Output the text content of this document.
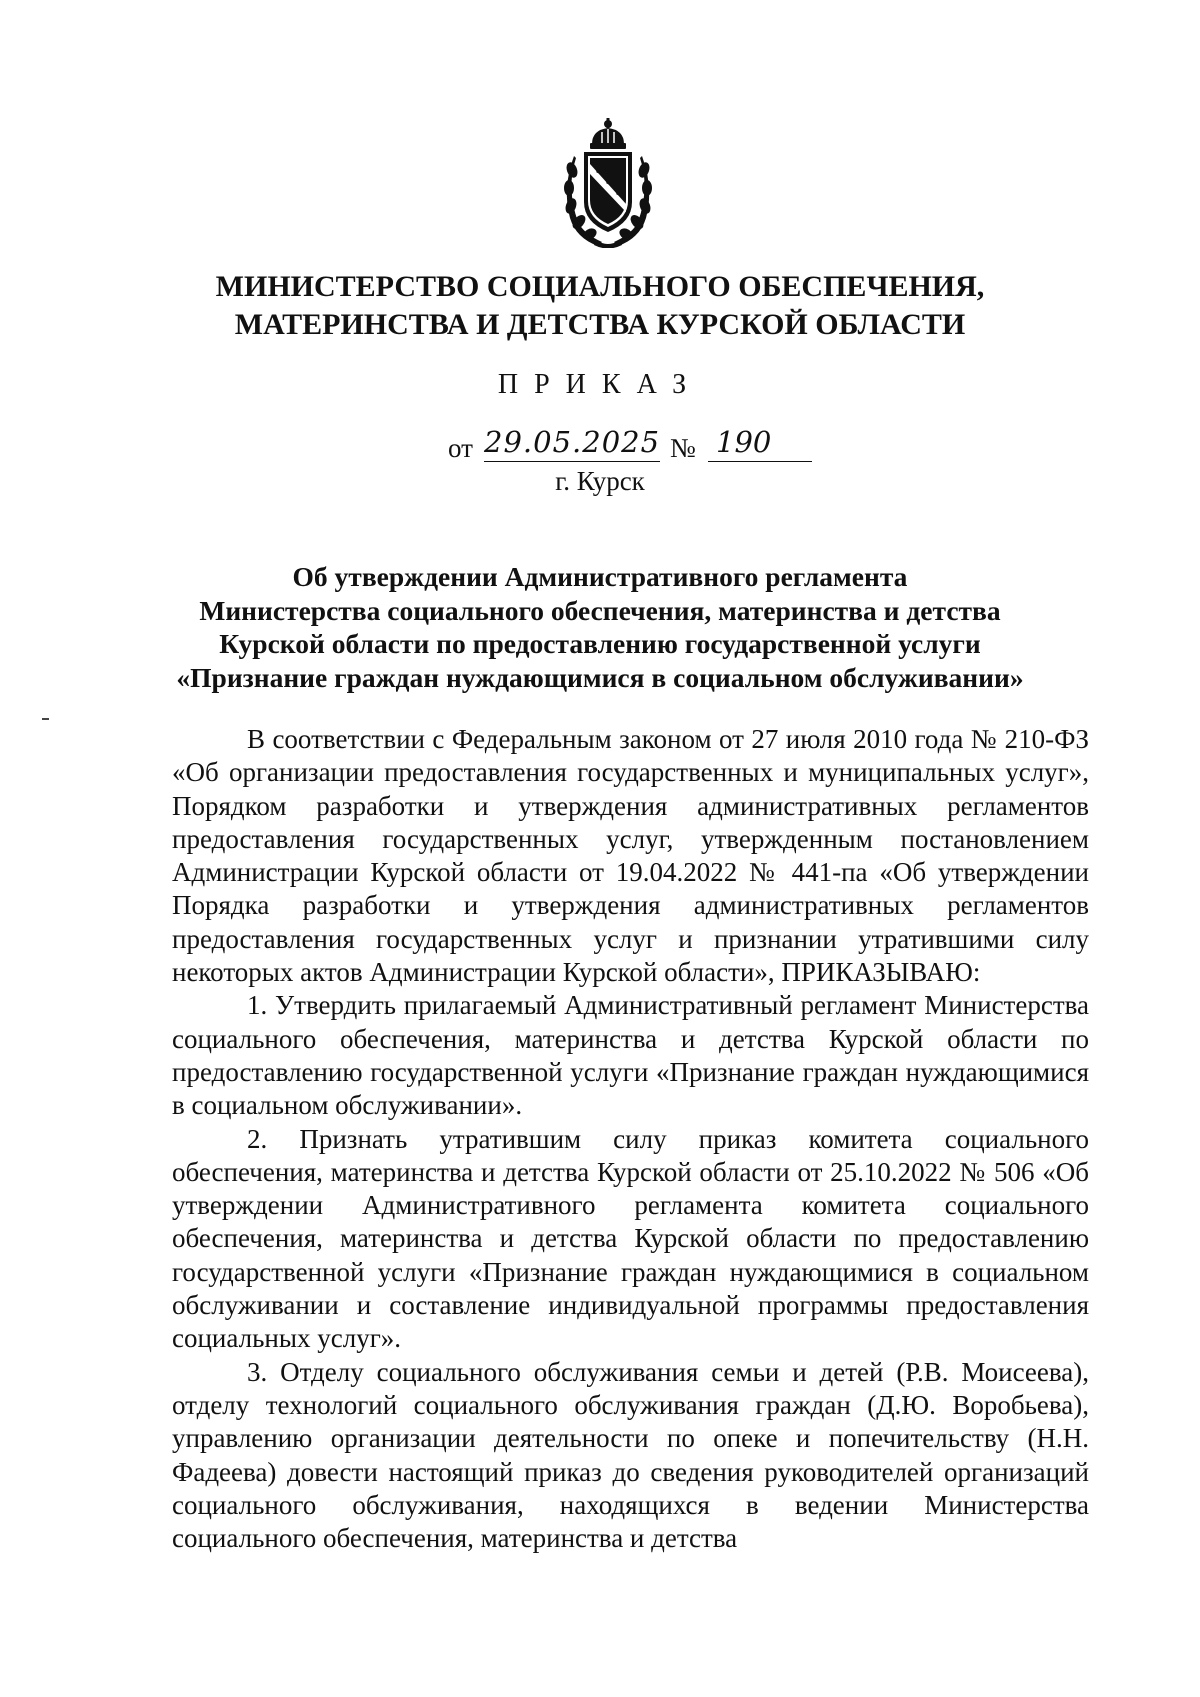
МИНИСТЕРСТВО СОЦИАЛЬНОГО ОБЕСПЕЧЕНИЯ,
МАТЕРИНСТВА И ДЕТСТВА КУРСКОЙ ОБЛАСТИ
ПРИКАЗ
от 29.05.2025 № 190
г. Курск
Об утверждении Административного регламента
Министерства социального обеспечения, материнства и детства
Курской области по предоставлению государственной услуги
«Признание граждан нуждающимися в социальном обслуживании»

В соответствии с Федеральным законом от 27 июля 2010 года № 210-ФЗ «Об организации предоставления государственных и муниципальных услуг», Порядком разработки и утверждения административных регламентов предоставления государственных услуг, утвержденным постановлением Администрации Курской области от 19.04.2022 № 441-па «Об утверждении Порядка разработки и утверждения административных регламентов предоставления государственных услуг и признании утратившими силу некоторых актов Администрации Курской области», ПРИКАЗЫВАЮ:

1. Утвердить прилагаемый Административный регламент Министерства социального обеспечения, материнства и детства Курской области по предоставлению государственной услуги «Признание граждан нуждающимися в социальном обслуживании».

2. Признать утратившим силу приказ комитета социального обеспечения, материнства и детства Курской области от 25.10.2022 № 506 «Об утверждении Административного регламента комитета социального обеспечения, материнства и детства Курской области по предоставлению государственной услуги «Признание граждан нуждающимися в социальном обслуживании и составление индивидуальной программы предоставления социальных услуг».

3. Отделу социального обслуживания семьи и детей (Р.В. Моисеева), отделу технологий социального обслуживания граждан (Д.Ю. Воробьева), управлению организации деятельности по опеке и попечительству (Н.Н. Фадеева) довести настоящий приказ до сведения руководителей организаций социального обслуживания, находящихся в ведении Министерства социального обеспечения, материнства и детства
